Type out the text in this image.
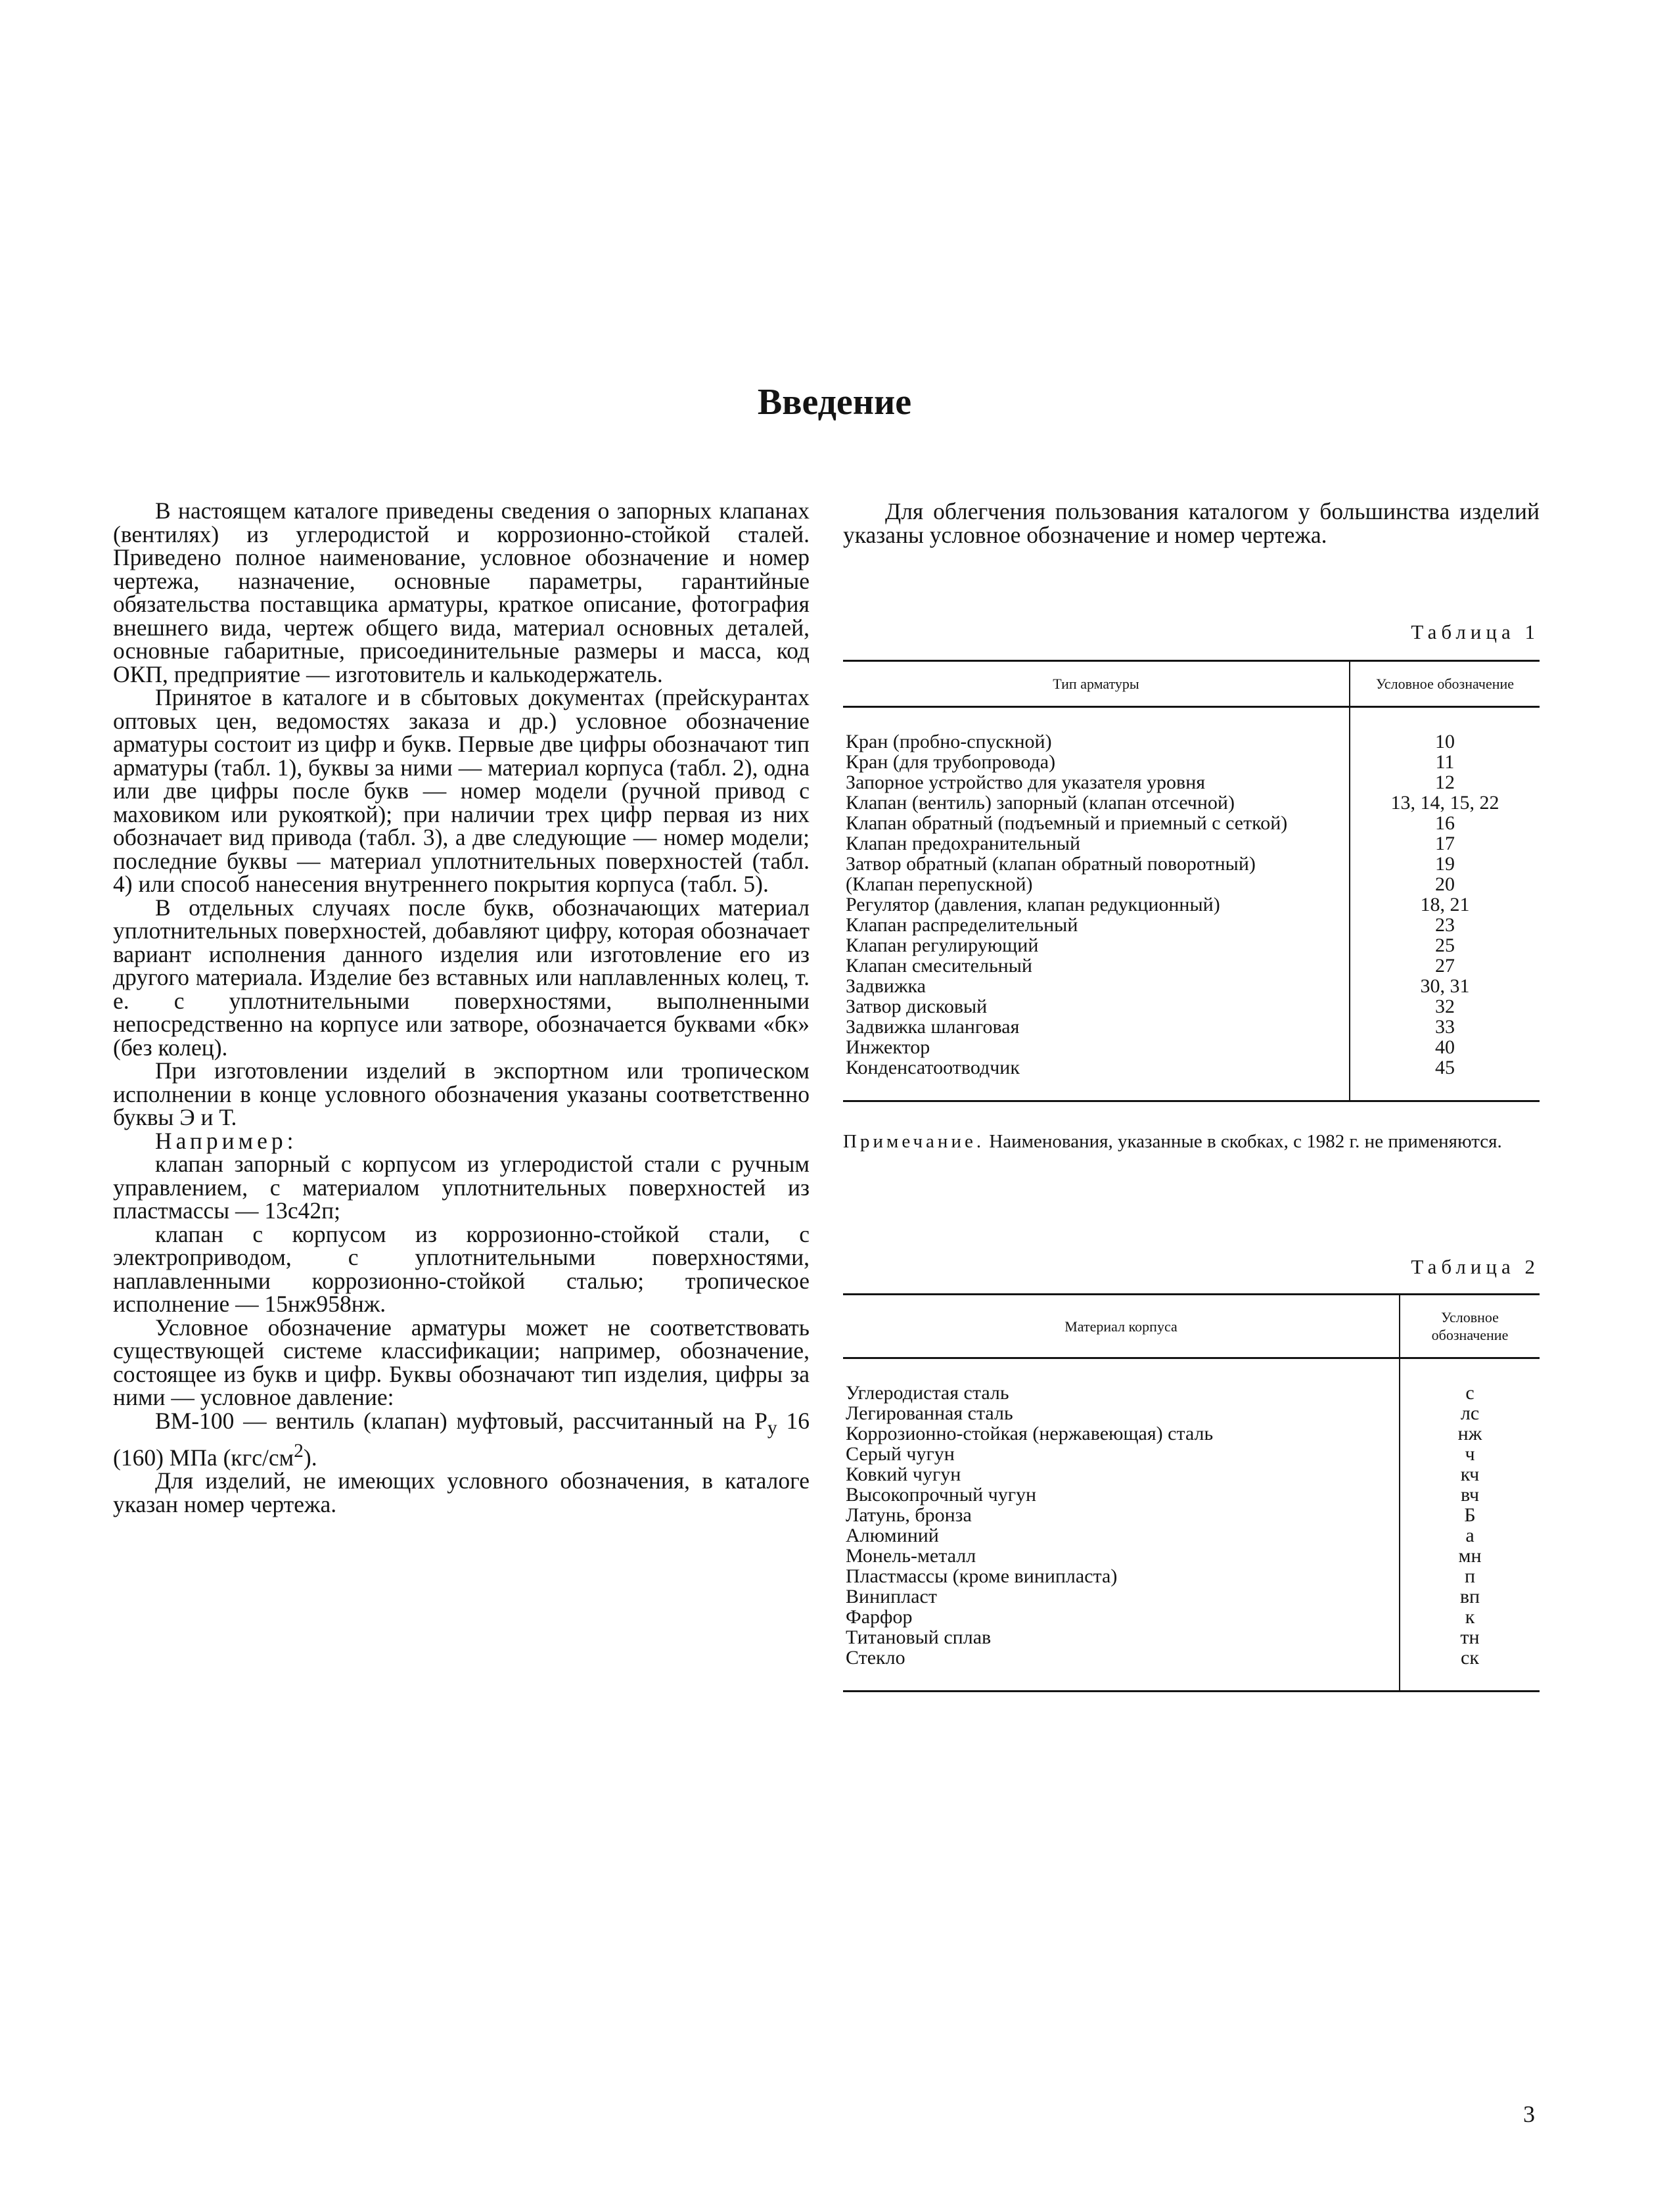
Введение

В настоящем каталоге приведены сведения о запорных клапанах (вентилях) из углеродистой и коррозионно-стойкой сталей. Приведено полное наименование, условное обозначение и номер чертежа, назначение, основные параметры, гарантийные обязательства поставщика арматуры, краткое описание, фотография внешнего вида, чертеж общего вида, материал основных деталей, основные габаритные, присоединительные размеры и масса, код ОКП, предприятие — изготовитель и калькодержатель.

Принятое в каталоге и в сбытовых документах (прейскурантах оптовых цен, ведомостях заказа и др.) условное обозначение арматуры состоит из цифр и букв. Первые две цифры обозначают тип арматуры (табл. 1), буквы за ними — материал корпуса (табл. 2), одна или две цифры после букв — номер модели (ручной привод с маховиком или рукояткой); при наличии трех цифр первая из них обозначает вид привода (табл. 3), а две следующие — номер модели; последние буквы — материал уплотнительных поверхностей (табл. 4) или способ нанесения внутреннего покрытия корпуса (табл. 5).

В отдельных случаях после букв, обозначающих материал уплотнительных поверхностей, добавляют цифру, которая обозначает вариант исполнения данного изделия или изготовление его из другого материала. Изделие без вставных или наплавленных колец, т. е. с уплотнительными поверхностями, выполненными непосредственно на корпусе или затворе, обозначается буквами «бк» (без колец).

При изготовлении изделий в экспортном или тропическом исполнении в конце условного обозначения указаны соответственно буквы Э и Т.

Например:

клапан запорный с корпусом из углеродистой стали с ручным управлением, с материалом уплотнительных поверхностей из пластмассы — 13с42п;

клапан с корпусом из коррозионно-стойкой стали, с электроприводом, с уплотнительными поверхностями, наплавленными коррозионно-стойкой сталью; тропическое исполнение — 15нж958нж.

Условное обозначение арматуры может не соответствовать существующей системе классификации; например, обозначение, состоящее из букв и цифр. Буквы обозначают тип изделия, цифры за ними — условное давление:

ВМ-100 — вентиль (клапан) муфтовый, рассчитанный на $P_у$ 16 (160) МПа $(кгс/см^2)$.

Для изделий, не имеющих условного обозначения, в каталоге указан номер чертежа.

Для облегчения пользования каталогом у большинства изделий указаны условное обозначение и номер чертежа.

Таблица 1

Тип арматуры	Условное обозначение

Кран (пробно-спускной)	10
Кран (для трубопровода)	11
Запорное устройство для указателя уровня	12
Клапан (вентиль) запорный (клапан отсечной)	13, 14, 15, 22
Клапан обратный (подъемный и приемный с сеткой)	16
Клапан предохранительный	17
Затвор обратный (клапан обратный поворотный)	19
(Клапан перепускной)	20
Регулятор (давления, клапан редукционный)	18, 21
Клапан распределительный	23
Клапан регулирующий	25
Клапан смесительный	27
Задвижка	30, 31
Затвор дисковый	32
Задвижка шланговая	33
Инжектор	40
Конденсатоотводчик	45

Примечание. Наименования, указанные в скобках, с 1982 г. не применяются.

Таблица 2

Материал корпуса	Условное обозначение

Углеродистая сталь	с
Легированная сталь	лс
Коррозионно-стойкая (нержавеющая) сталь	нж
Серый чугун	ч
Ковкий чугун	кч
Высокопрочный чугун	вч
Латунь, бронза	Б
Алюминий	а
Монель-металл	мн
Пластмассы (кроме винипласта)	п
Винипласт	вп
Фарфор	к
Титановый сплав	тн
Стекло	ск

3
